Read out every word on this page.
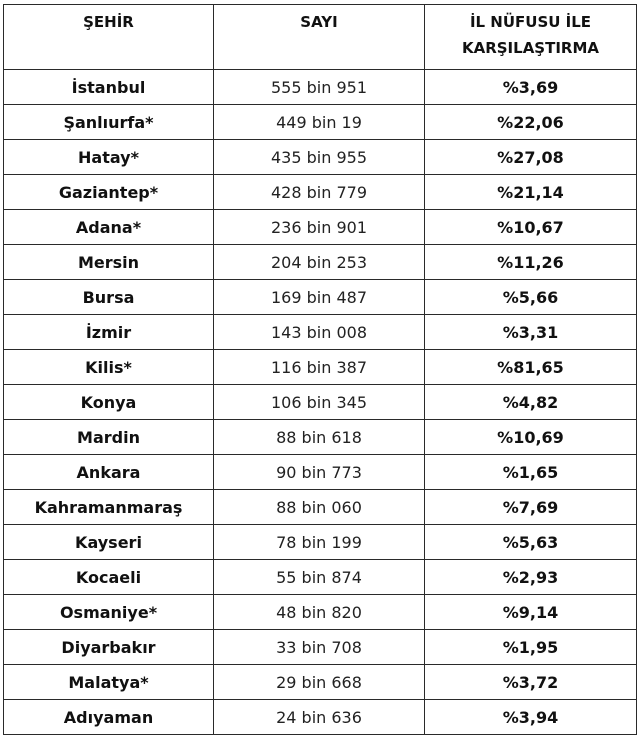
ŞEHİR	SAYI	İL NÜFUSU İLE
KARŞILAŞTIRMA

İstanbul	555 bin 951	%3,69
Şanlıurfa*	449 bin 19	%22,06
Hatay*	435 bin 955	%27,08
Gaziantep*	428 bin 779	%21,14
Adana*	236 bin 901	%10,67
Mersin	204 bin 253	%11,26
Bursa	169 bin 487	%5,66
İzmir	143 bin 008	%3,31
Kilis*	116 bin 387	%81,65
Konya	106 bin 345	%4,82
Mardin	88 bin 618	%10,69
Ankara	90 bin 773	%1,65
Kahramanmaraş	88 bin 060	%7,69
Kayseri	78 bin 199	%5,63
Kocaeli	55 bin 874	%2,93
Osmaniye*	48 bin 820	%9,14
Diyarbakır	33 bin 708	%1,95
Malatya*	29 bin 668	%3,72
Adıyaman	24 bin 636	%3,94
